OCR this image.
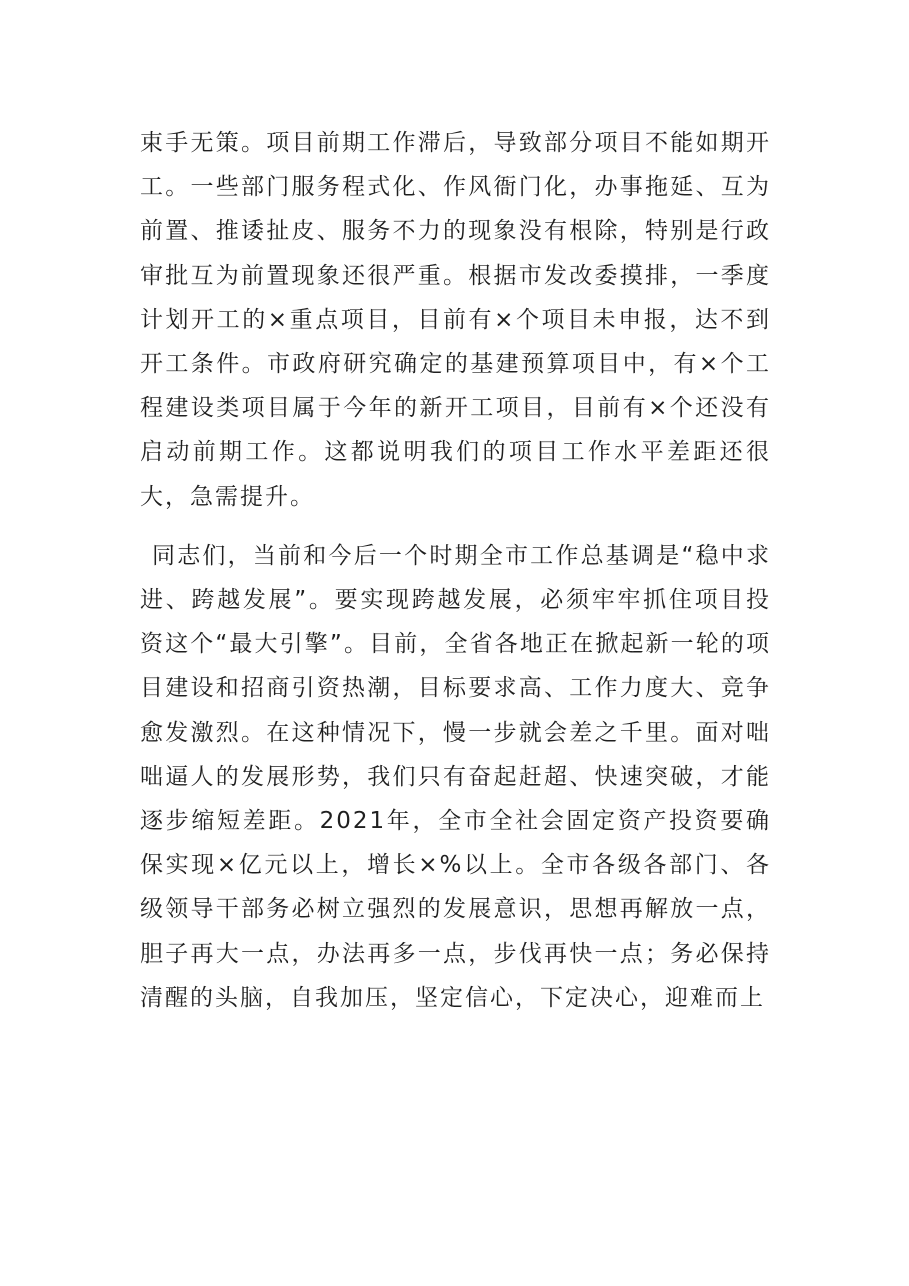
束手无策。项目前期工作滞后，导致部分项目不能如期开工。一些部门服务程式化、作风衙门化，办事拖延、互为前置、推诿扯皮、服务不力的现象没有根除，特别是行政审批互为前置现象还很严重。根据市发改委摸排，一季度计划开工的×重点项目，目前有×个项目未申报，达不到开工条件。市政府研究确定的基建预算项目中，有×个工程建设类项目属于今年的新开工项目，目前有×个还没有启动前期工作。这都说明我们的项目工作水平差距还很大，急需提升。

同志们，当前和今后一个时期全市工作总基调是“稳中求进、跨越发展”。要实现跨越发展，必须牢牢抓住项目投资这个“最大引擎”。目前，全省各地正在掀起新一轮的项目建设和招商引资热潮，目标要求高、工作力度大、竞争愈发激烈。在这种情况下，慢一步就会差之千里。面对咄咄逼人的发展形势，我们只有奋起赶超、快速突破，才能逐步缩短差距。2021年，全市全社会固定资产投资要确保实现×亿元以上，增长×%以上。全市各级各部门、各级领导干部务必树立强烈的发展意识，思想再解放一点，胆子再大一点，办法再多一点，步伐再快一点；务必保持清醒的头脑，自我加压，坚定信心，下定决心，迎难而上
